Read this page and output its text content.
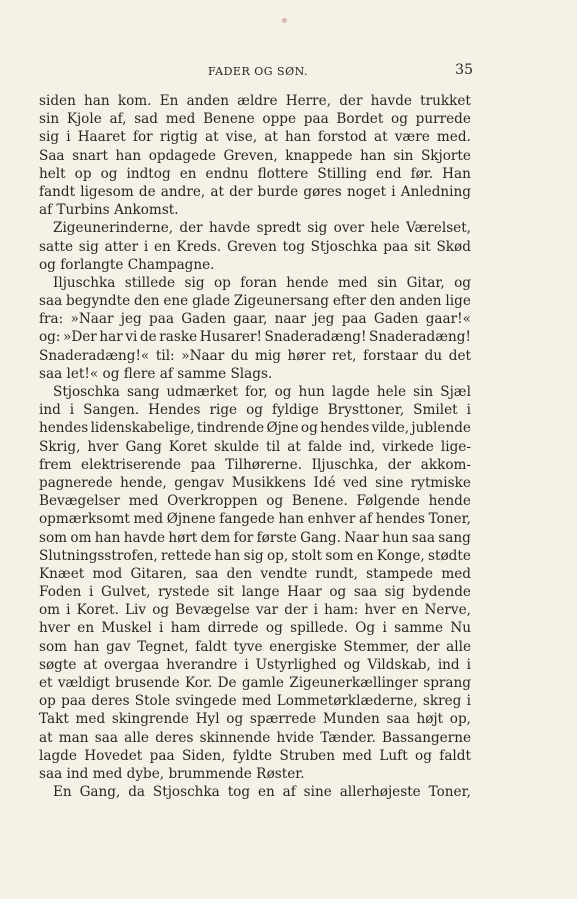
FADER OG SØN.	35
siden han kom. En anden ældre Herre, der havde trukket
sin Kjole af, sad med Benene oppe paa Bordet og purrede
sig i Haaret for rigtig at vise, at han forstod at være med.
Saa snart han opdagede Greven, knappede han sin Skjorte
helt op og indtog en endnu flottere Stilling end før. Han
fandt ligesom de andre, at der burde gøres noget i Anledning
af Turbins Ankomst.
Zigeunerinderne, der havde spredt sig over hele Værelset,
satte sig atter i en Kreds. Greven tog Stjoschka paa sit Skød
og forlangte Champagne.
Iljuschka stillede sig op foran hende med sin Gitar, og
saa begyndte den ene glade Zigeunersang efter den anden lige
fra: »Naar jeg paa Gaden gaar, naar jeg paa Gaden gaar!«
og: »Der har vi de raske Husarer! Snaderadæng! Snaderadæng!
Snaderadæng!« til: »Naar du mig hører ret, forstaar du det
saa let!« og flere af samme Slags.
Stjoschka sang udmærket for, og hun lagde hele sin Sjæl
ind i Sangen. Hendes rige og fyldige Brysttoner, Smilet i
hendes lidenskabelige, tindrende Øjne og hendes vilde, jublende
Skrig, hver Gang Koret skulde til at falde ind, virkede lige-
frem elektriserende paa Tilhørerne. Iljuschka, der akkom-
pagnerede hende, gengav Musikkens Idé ved sine rytmiske
Bevægelser med Overkroppen og Benene. Følgende hende
opmærksomt med Øjnene fangede han enhver af hendes Toner,
som om han havde hørt dem for første Gang. Naar hun saa sang
Slutningsstrofen, rettede han sig op, stolt som en Konge, stødte
Knæet mod Gitaren, saa den vendte rundt, stampede med
Foden i Gulvet, rystede sit lange Haar og saa sig bydende
om i Koret. Liv og Bevægelse var der i ham: hver en Nerve,
hver en Muskel i ham dirrede og spillede. Og i samme Nu
som han gav Tegnet, faldt tyve energiske Stemmer, der alle
søgte at overgaa hverandre i Ustyrlighed og Vildskab, ind i
et vældigt brusende Kor. De gamle Zigeunerkællinger sprang
op paa deres Stole svingede med Lommetørklæderne, skreg i
Takt med skingrende Hyl og spærrede Munden saa højt op,
at man saa alle deres skinnende hvide Tænder. Bassangerne
lagde Hovedet paa Siden, fyldte Struben med Luft og faldt
saa ind med dybe, brummende Røster.
En Gang, da Stjoschka tog en af sine allerhøjeste Toner,
